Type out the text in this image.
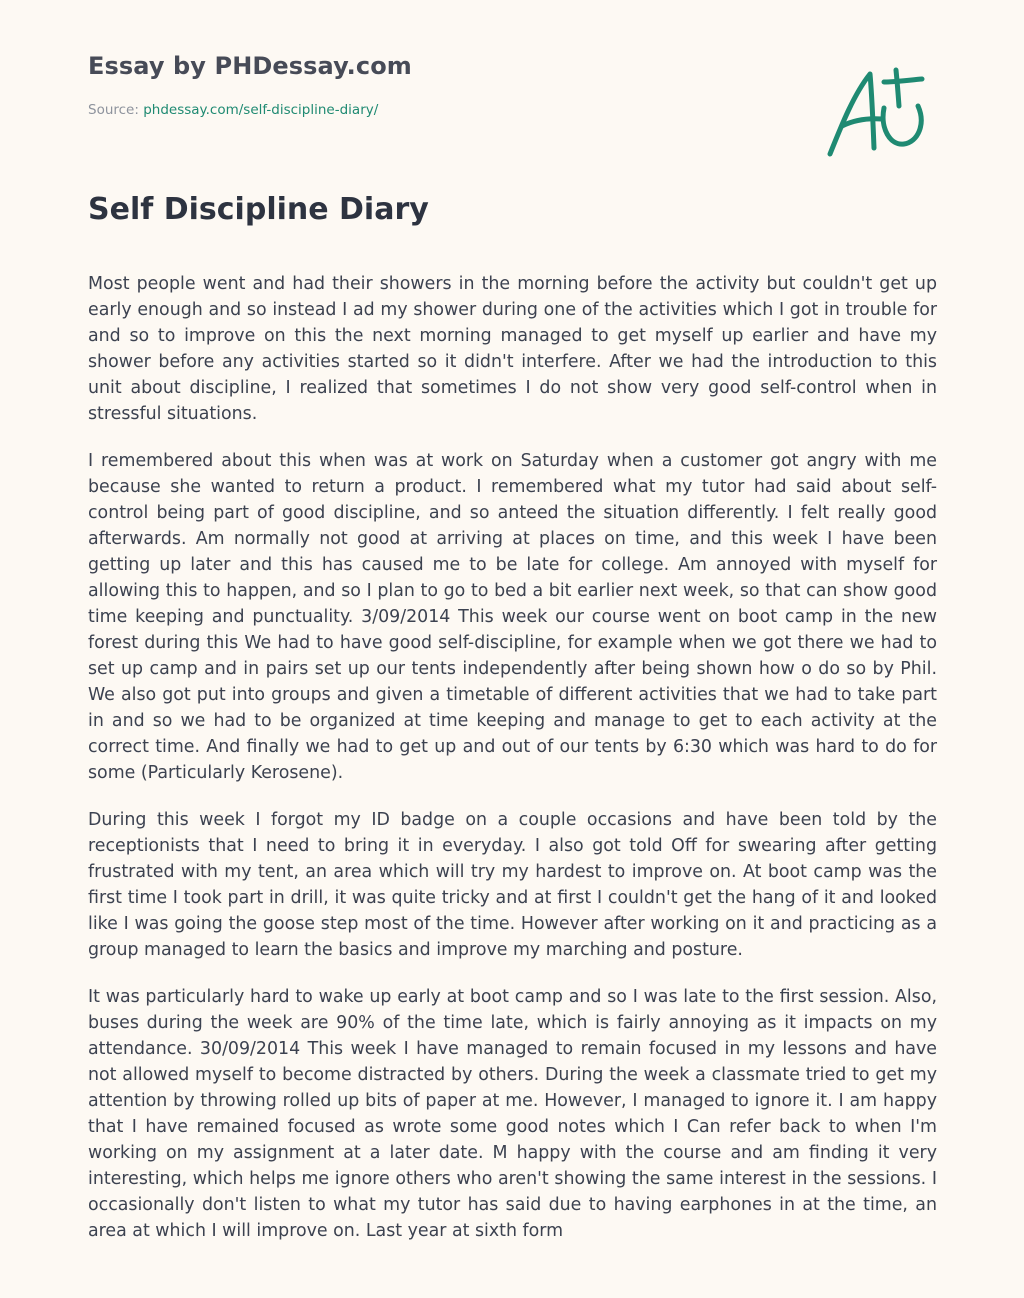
Essay by PHDessay.com
Source: phdessay.com/self-discipline-diary/
Self Discipline Diary

Most people went and had their showers in the morning before the activity but couldn't get up early enough and so instead I ad my shower during one of the activities which I got in trouble for and so to improve on this the next morning managed to get myself up earlier and have my shower before any activities started so it didn't interfere. After we had the introduction to this unit about discipline, I realized that sometimes I do not show very good self-control when in stressful situations.

I remembered about this when was at work on Saturday when a customer got angry with me because she wanted to return a product. I remembered what my tutor had said about self-control being part of good discipline, and so anteed the situation differently. I felt really good afterwards. Am normally not good at arriving at places on time, and this week I have been getting up later and this has caused me to be late for college. Am annoyed with myself for allowing this to happen, and so I plan to go to bed a bit earlier next week, so that can show good time keeping and punctuality. 3/09/2014 This week our course went on boot camp in the new forest during this We had to have good self-discipline, for example when we got there we had to set up camp and in pairs set up our tents independently after being shown how o do so by Phil. We also got put into groups and given a timetable of different activities that we had to take part in and so we had to be organized at time keeping and manage to get to each activity at the correct time. And finally we had to get up and out of our tents by 6:30 which was hard to do for some (Particularly Kerosene).

During this week I forgot my ID badge on a couple occasions and have been told by the receptionists that I need to bring it in everyday. I also got told Off for swearing after getting frustrated with my tent, an area which will try my hardest to improve on. At boot camp was the first time I took part in drill, it was quite tricky and at first I couldn't get the hang of it and looked like I was going the goose step most of the time. However after working on it and practicing as a group managed to learn the basics and improve my marching and posture.

It was particularly hard to wake up early at boot camp and so I was late to the first session. Also, buses during the week are 90% of the time late, which is fairly annoying as it impacts on my attendance. 30/09/2014 This week I have managed to remain focused in my lessons and have not allowed myself to become distracted by others. During the week a classmate tried to get my attention by throwing rolled up bits of paper at me. However, I managed to ignore it. I am happy that I have remained focused as wrote some good notes which I Can refer back to when I'm working on my assignment at a later date. M happy with the course and am finding it very interesting, which helps me ignore others who aren't showing the same interest in the sessions. I occasionally don't listen to what my tutor has said due to having earphones in at the time, an area at which I will improve on. Last year at sixth form
